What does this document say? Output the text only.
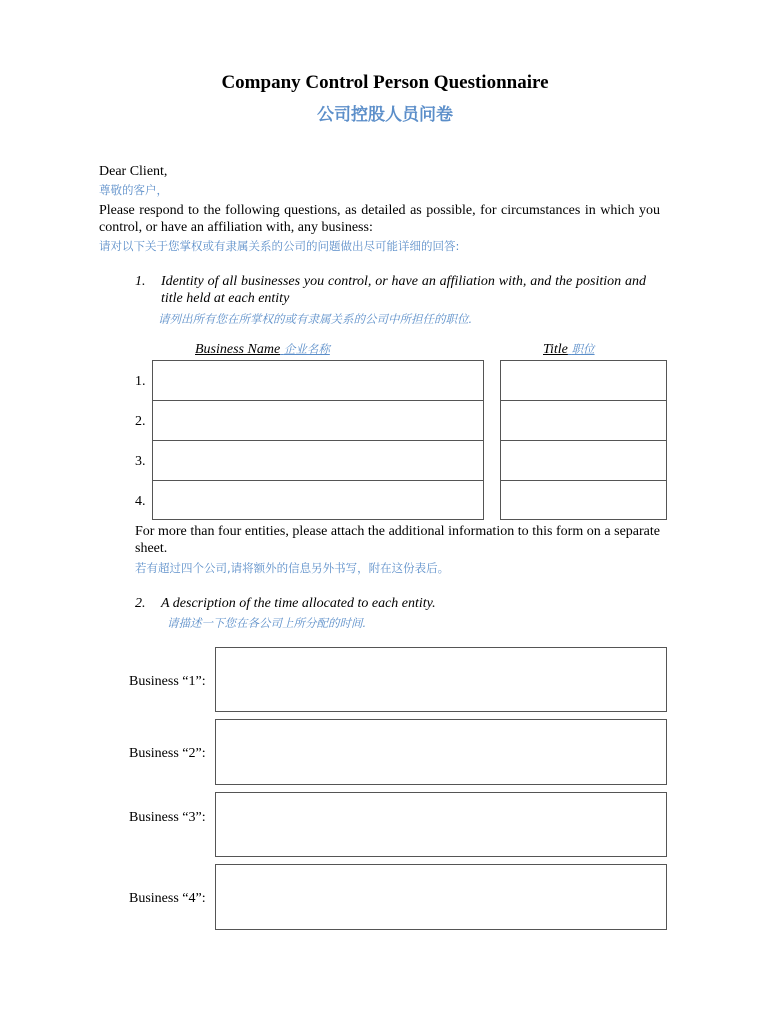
Company Control Person Questionnaire
公司控股人员问卷
Dear Client,
尊敬的客户，
Please respond to the following questions, as detailed as possible, for circumstances in which you control, or have an affiliation with, any business:
请对以下关于您掌权或有隶属关系的公司的问题做出尽可能详细的回答:
1. Identity of all businesses you control, or have an affiliation with, and the position and title held at each entity
请列出所有您在所掌权的或有隶属关系的公司中所担任的职位.
Business Name 企业名称	Title 职位
1.
2.
3.
4.
For more than four entities, please attach the additional information to this form on a separate sheet.
若有超过四个公司,请将额外的信息另外书写，附在这份表后。
2. A description of the time allocated to each entity.
请描述一下您在各公司上所分配的时间.
Business “1”:
Business “2”:
Business “3”:
Business “4”:
